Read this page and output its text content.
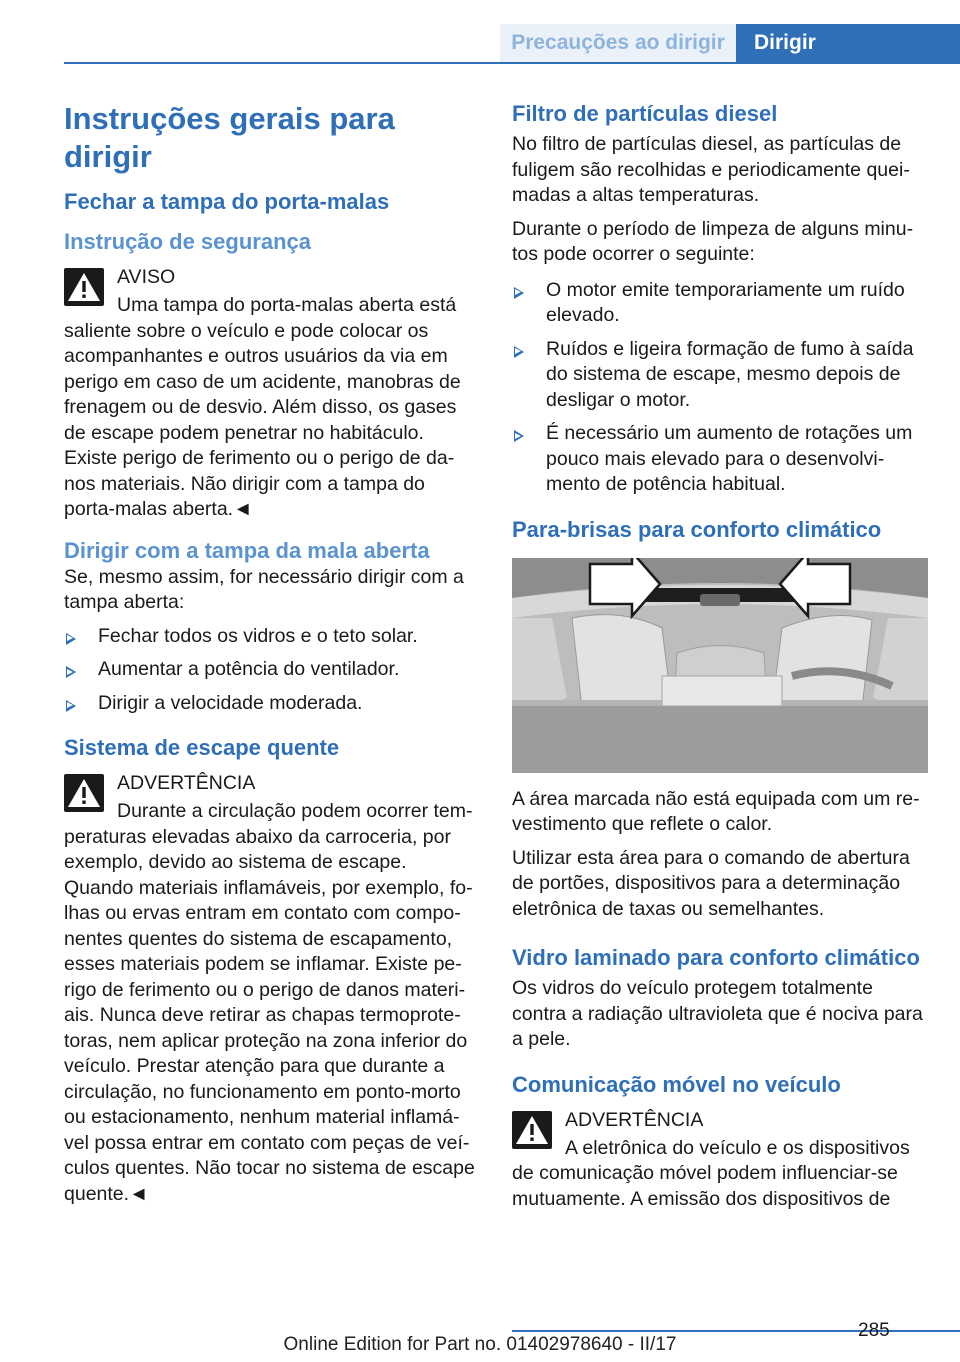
Precauções ao dirigir	Dirigir
Instruções gerais para dirigir
Fechar a tampa do porta-malas
Instrução de segurança
AVISO

Uma tampa do porta-malas aberta está saliente sobre o veículo e pode colocar os acompanhantes e outros usuários da via em perigo em caso de um acidente, manobras de frenagem ou de desvio. Além disso, os gases de escape podem penetrar no habitáculo. Existe perigo de ferimento ou o perigo de danos materiais. Não dirigir com a tampa do porta-malas aberta.◄

Dirigir com a tampa da mala aberta

Se, mesmo assim, for necessário dirigir com a tampa aberta:

Fechar todos os vidros e o teto solar.
Aumentar a potência do ventilador.
Dirigir a velocidade moderada.
Sistema de escape quente
ADVERTÊNCIA

Durante a circulação podem ocorrer temperaturas elevadas abaixo da carroceria, por exemplo, devido ao sistema de escape. Quando materiais inflamáveis, por exemplo, folhas ou ervas entram em contato com componentes quentes do sistema de escapamento, esses materiais podem se inflamar. Existe perigo de ferimento ou o perigo de danos materiais. Nunca deve retirar as chapas termoprotetoras, nem aplicar proteção na zona inferior do veículo. Prestar atenção para que durante a circulação, no funcionamento em ponto-morto ou estacionamento, nenhum material inflamável possa entrar em contato com peças de veículos quentes. Não tocar no sistema de escape quente.◄

Filtro de partículas diesel

No filtro de partículas diesel, as partículas de fuligem são recolhidas e periodicamente queimadas a altas temperaturas.

Durante o período de limpeza de alguns minutos pode ocorrer o seguinte:

O motor emite temporariamente um ruído elevado.
Ruídos e ligeira formação de fumo à saída do sistema de escape, mesmo depois de desligar o motor.
É necessário um aumento de rotações um pouco mais elevado para o desenvolvimento de potência habitual.
Para-brisas para conforto climático

A área marcada não está equipada com um revestimento que reflete o calor.

Utilizar esta área para o comando de abertura de portões, dispositivos para a determinação eletrônica de taxas ou semelhantes.

Vidro laminado para conforto climático

Os vidros do veículo protegem totalmente contra a radiação ultravioleta que é nociva para a pele.

Comunicação móvel no veículo
ADVERTÊNCIA

A eletrônica do veículo e os dispositivos de comunicação móvel podem influenciar-se mutuamente. A emissão dos dispositivos de

285
Online Edition for Part no. 01402978640 - II/17
